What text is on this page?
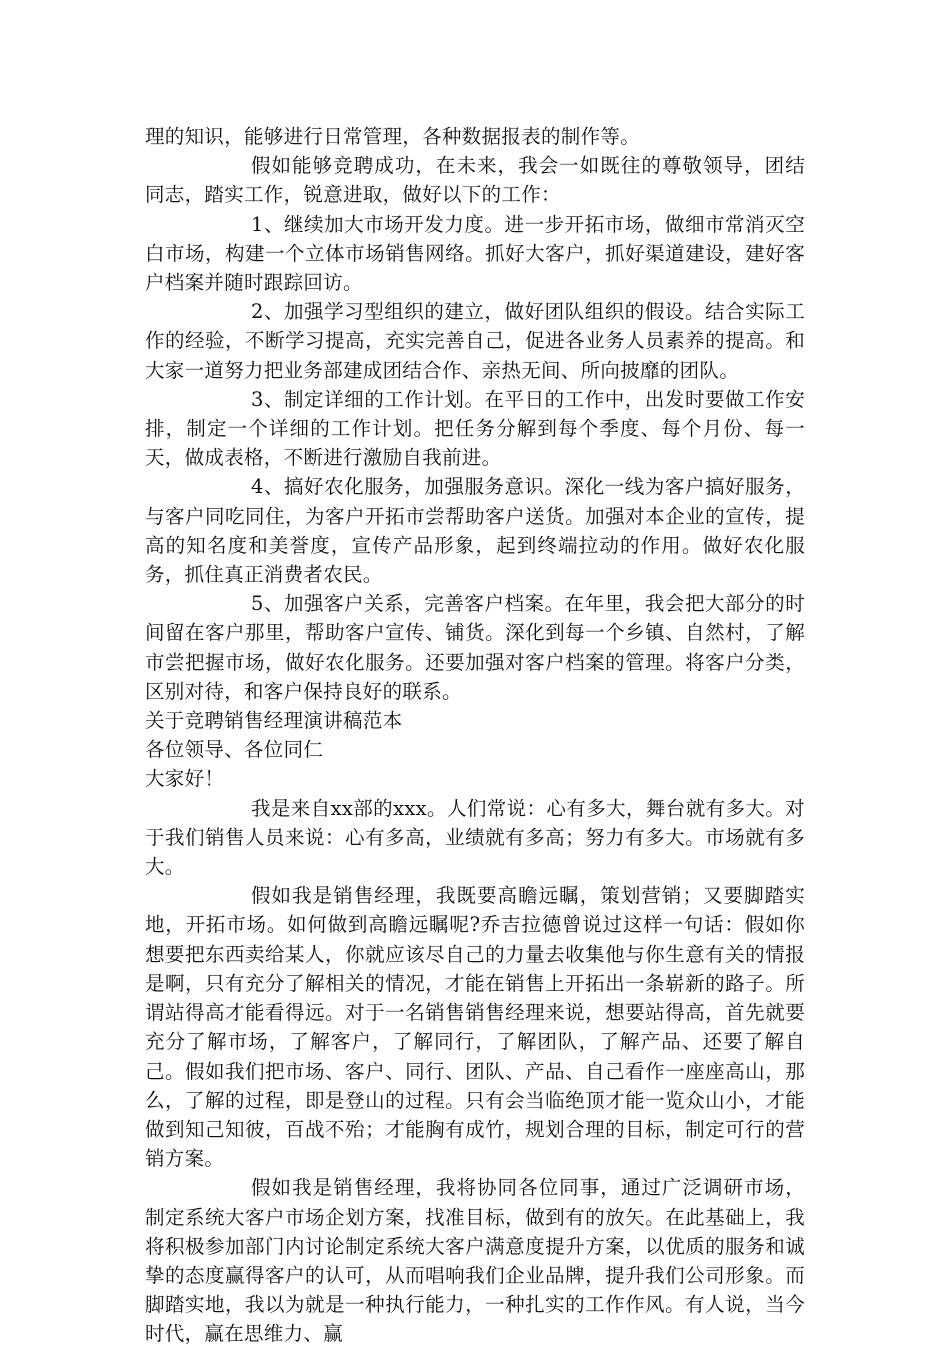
理的知识，能够进行日常管理，各种数据报表的制作等。

假如能够竞聘成功，在未来，我会一如既往的尊敬领导，团结同志，踏实工作，锐意进取，做好以下的工作：

1、继续加大市场开发力度。进一步开拓市场，做细市常消灭空白市场，构建一个立体市场销售网络。抓好大客户，抓好渠道建设，建好客户档案并随时跟踪回访。

2、加强学习型组织的建立，做好团队组织的假设。结合实际工作的经验，不断学习提高，充实完善自己，促进各业务人员素养的提高。和大家一道努力把业务部建成团结合作、亲热无间、所向披靡的团队。

3、制定详细的工作计划。在平日的工作中，出发时要做工作安排，制定一个详细的工作计划。把任务分解到每个季度、每个月份、每一天，做成表格，不断进行激励自我前进。

4、搞好农化服务，加强服务意识。深化一线为客户搞好服务，与客户同吃同住，为客户开拓市尝帮助客户送货。加强对本企业的宣传，提高的知名度和美誉度，宣传产品形象，起到终端拉动的作用。做好农化服务，抓住真正消费者农民。

5、加强客户关系，完善客户档案。在年里，我会把大部分的时间留在客户那里，帮助客户宣传、铺货。深化到每一个乡镇、自然村，了解市尝把握市场，做好农化服务。还要加强对客户档案的管理。将客户分类，区别对待，和客户保持良好的联系。

关于竞聘销售经理演讲稿范本

各位领导、各位同仁

大家好！

我是来自xx部的xxx。人们常说：心有多大，舞台就有多大。对于我们销售人员来说：心有多高，业绩就有多高；努力有多大。市场就有多大。

假如我是销售经理，我既要高瞻远瞩，策划营销；又要脚踏实地，开拓市场。如何做到高瞻远瞩呢?乔吉拉德曾说过这样一句话：假如你想要把东西卖给某人，你就应该尽自己的力量去收集他与你生意有关的情报是啊，只有充分了解相关的情况，才能在销售上开拓出一条崭新的路子。所谓站得高才能看得远。对于一名销售销售经理来说，想要站得高，首先就要充分了解市场，了解客户，了解同行，了解团队，了解产品、还要了解自己。假如我们把市场、客户、同行、团队、产品、自己看作一座座高山，那么，了解的过程，即是登山的过程。只有会当临绝顶才能一览众山小，才能做到知己知彼，百战不殆；才能胸有成竹，规划合理的目标，制定可行的营销方案。

假如我是销售经理，我将协同各位同事，通过广泛调研市场，制定系统大客户市场企划方案，找准目标，做到有的放矢。在此基础上，我将积极参加部门内讨论制定系统大客户满意度提升方案，以优质的服务和诚挚的态度赢得客户的认可，从而唱响我们企业品牌，提升我们公司形象。而脚踏实地，我以为就是一种执行能力，一种扎实的工作作风。有人说，当今时代，赢在思维力、赢
